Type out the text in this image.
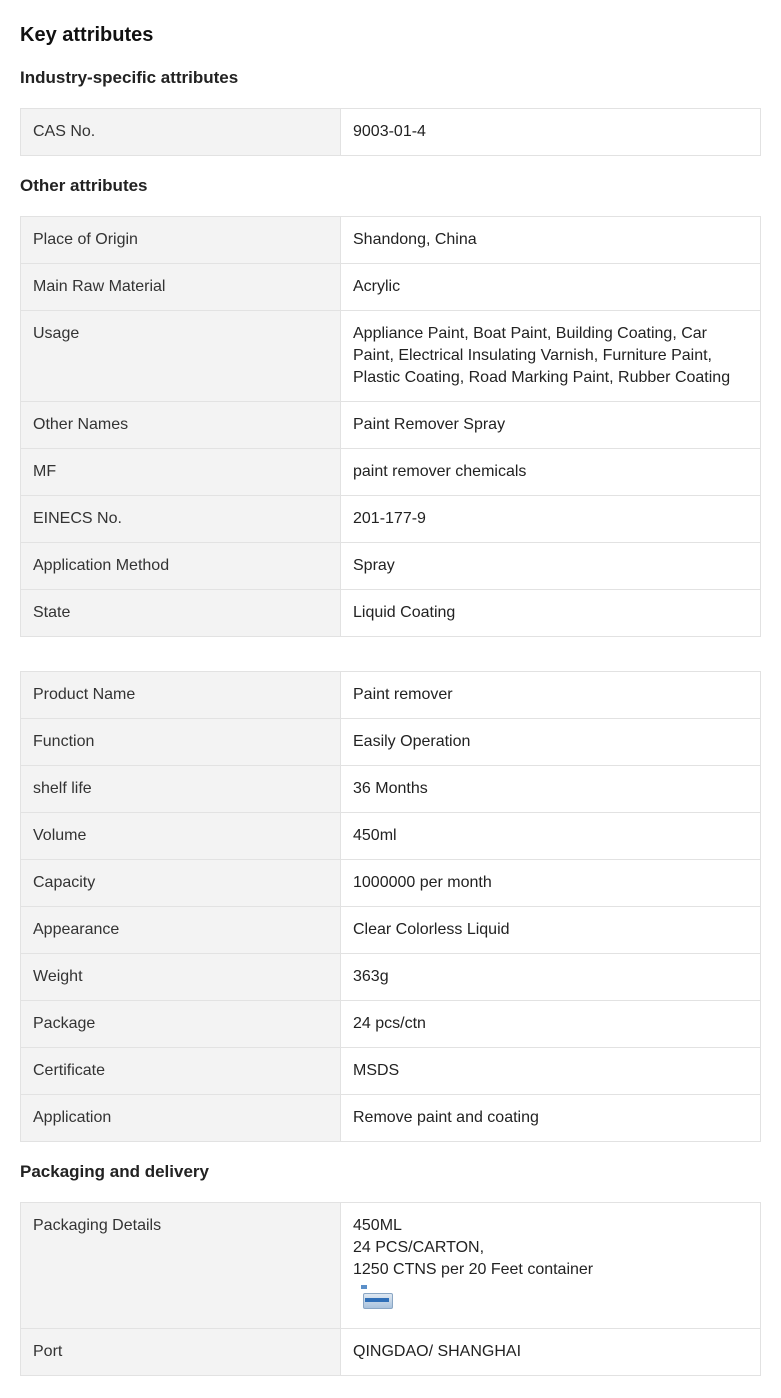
Key attributes
Industry-specific attributes
CAS No.	9003-01-4
Other attributes
Place of Origin	Shandong, China
Main Raw Material	Acrylic
Usage	Appliance Paint, Boat Paint, Building Coating, Car Paint, Electrical Insulating Varnish, Furniture Paint, Plastic Coating, Road Marking Paint, Rubber Coating
Other Names	Paint Remover Spray
MF	paint remover chemicals
EINECS No.	201-177-9
Application Method	Spray
State	Liquid Coating
Product Name	Paint remover
Function	Easily Operation
shelf life	36 Months
Volume	450ml
Capacity	1000000 per month
Appearance	Clear Colorless Liquid
Weight	363g
Package	24 pcs/ctn
Certificate	MSDS
Application	Remove paint and coating
Packaging and delivery
Packaging Details	450ML
24 PCS/CARTON,
1250 CTNS per 20 Feet container

Port	QINGDAO/ SHANGHAI
